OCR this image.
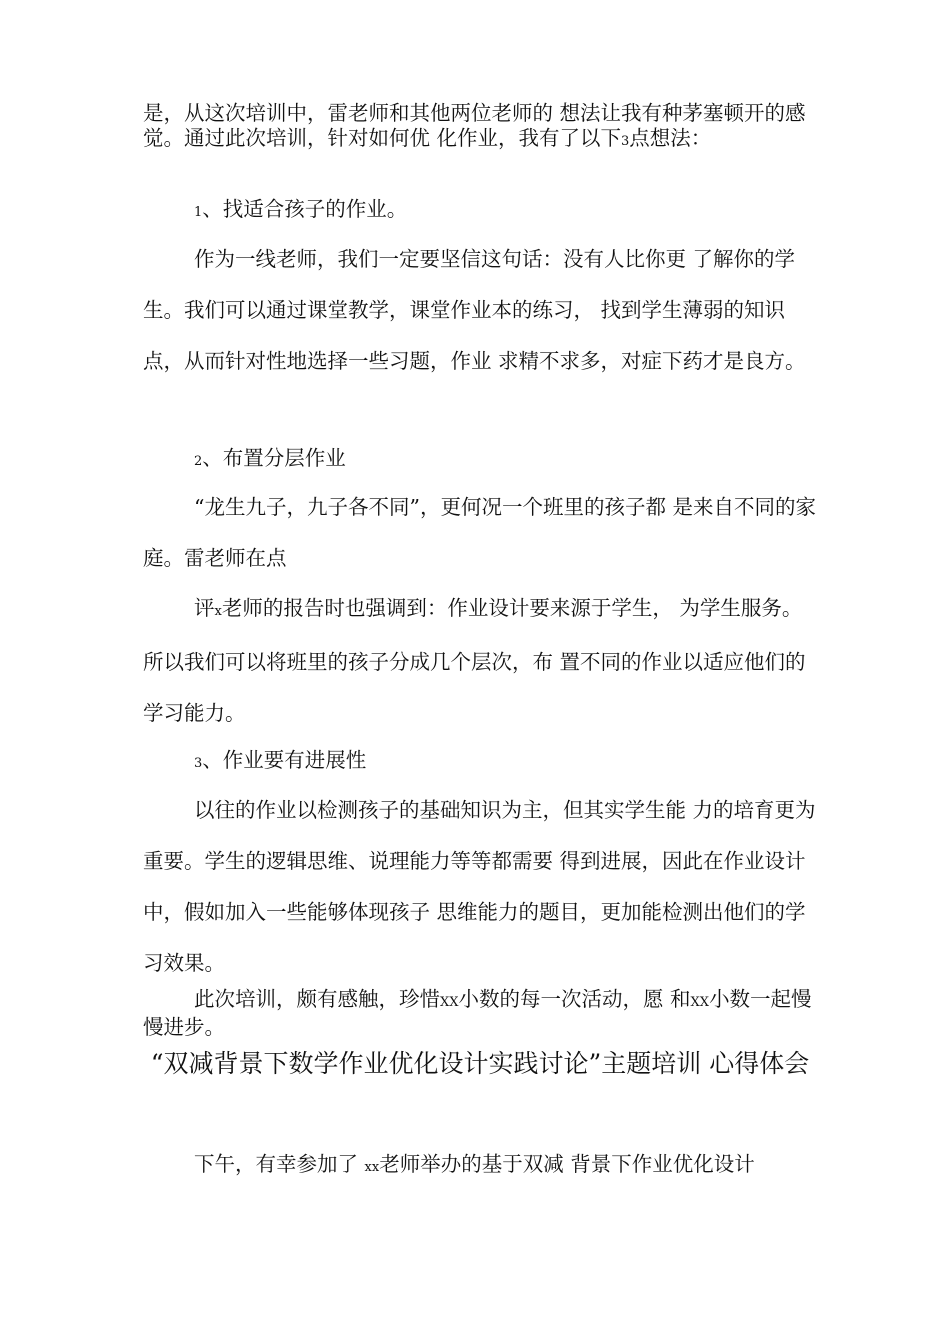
是，从这次培训中，雷老师和其他两位老师的 想法让我有种茅塞顿开的感觉。通过此次培训，针对如何优 化作业，我有了以下3点想法：

1、找适合孩子的作业。

作为一线老师，我们一定要坚信这句话：没有人比你更 了解你的学生。我们可以通过课堂教学，课堂作业本的练习， 找到学生薄弱的知识点，从而针对性地选择一些习题，作业 求精不求多，对症下药才是良方。

2、布置分层作业

“龙生九子，九子各不同”，更何况一个班里的孩子都 是来自不同的家庭。雷老师在点

评x老师的报告时也强调到：作业设计要来源于学生， 为学生服务。所以我们可以将班里的孩子分成几个层次，布 置不同的作业以适应他们的学习能力。

3、作业要有进展性

以往的作业以检测孩子的基础知识为主，但其实学生能 力的培育更为重要。学生的逻辑思维、说理能力等等都需要 得到进展，因此在作业设计中，假如加入一些能够体现孩子 思维能力的题目，更加能检测出他们的学习效果。

此次培训，颇有感触，珍惜XX小数的每一次活动，愿 和XX小数一起慢慢进步。

“双减背景下数学作业优化设计实践讨论”主题培训 心得体会

下午，有幸参加了 xx老师举办的基于双减 背景下作业优化设计
